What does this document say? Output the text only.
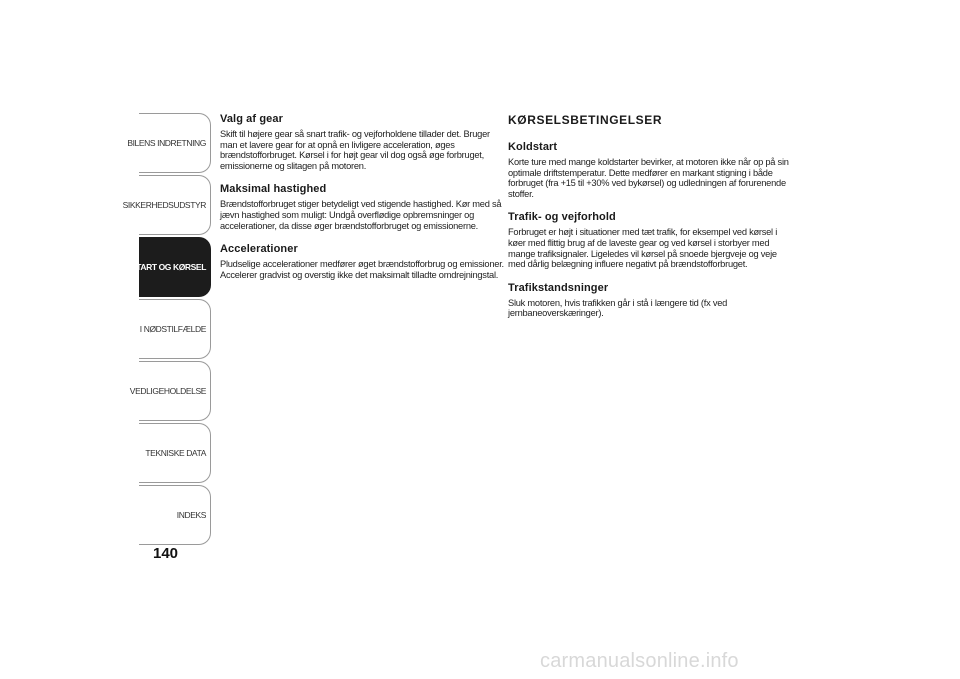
BILENS INDRETNING
SIKKERHEDSUDSTYR
START OG KØRSEL
I NØDSTILFÆLDE
VEDLIGEHOLDELSE
TEKNISKE DATA
INDEKS
140
Valg af gear

Skift til højere gear så snart trafik- og vejforholdene tillader det. Bruger man et lavere gear for at opnå en livligere acceleration, øges brændstofforbruget. Kørsel i for højt gear vil dog også øge forbruget, emissionerne og slitagen på motoren.

Maksimal hastighed

Brændstofforbruget stiger betydeligt ved stigende hastighed. Kør med så jævn hastighed som muligt: Undgå overflødige opbremsninger og accelerationer, da disse øger brændstofforbruget og emissionerne.

Accelerationer

Pludselige accelerationer medfører øget brændstofforbrug og emissioner. Accelerer gradvist og overstig ikke det maksimalt tilladte omdrejningstal.

KØRSELSBETINGELSER
Koldstart

Korte ture med mange koldstarter bevirker, at motoren ikke når op på sin optimale driftstemperatur. Dette medfører en markant stigning i både forbruget (fra +15 til +30% ved bykørsel) og udledningen af forurenende stoffer.

Trafik- og vejforhold

Forbruget er højt i situationer med tæt trafik, for eksempel ved kørsel i køer med flittig brug af de laveste gear og ved kørsel i storbyer med mange trafiksignaler. Ligeledes vil kørsel på snoede bjergveje og veje med dårlig belægning influere negativt på brændstofforbruget.

Trafikstandsninger

Sluk motoren, hvis trafikken går i stå i længere tid (fx ved jernbaneoverskæringer).

carmanualsonline.info
